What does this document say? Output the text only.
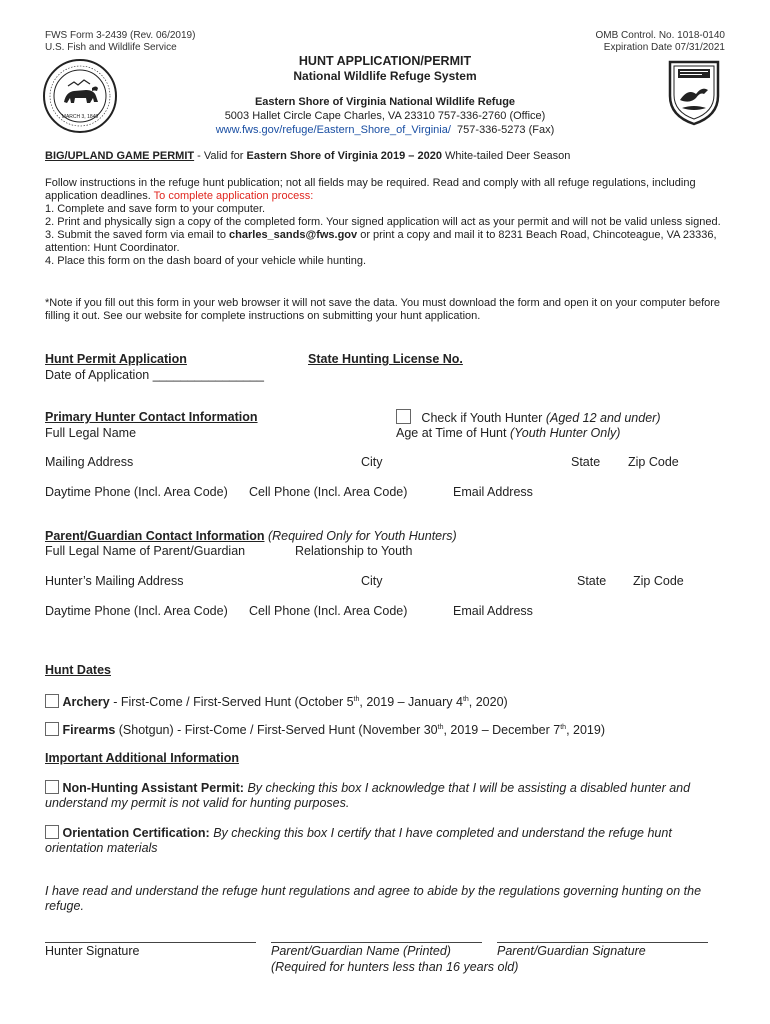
FWS Form 3-2439 (Rev. 06/2019)
U.S. Fish and Wildlife Service
OMB Control. No. 1018-0140
Expiration Date 07/31/2021
MARCH 3, 1849
HUNT APPLICATION/PERMIT
National Wildlife Refuge System
Eastern Shore of Virginia National Wildlife Refuge
5003 Hallet Circle Cape Charles, VA 23310 757-336-2760 (Office)
www.fws.gov/refuge/Eastern_Shore_of_Virginia/ 757-336-5273 (Fax)
BIG/UPLAND GAME PERMIT - Valid for Eastern Shore of Virginia 2019 – 2020 White-tailed Deer Season
Follow instructions in the refuge hunt publication; not all fields may be required. Read and comply with all refuge regulations, including application deadlines. To complete application process:
1. Complete and save form to your computer.
2. Print and physically sign a copy of the completed form. Your signed application will act as your permit and will not be valid unless signed.
3. Submit the saved form via email to charles_sands@fws.gov or print a copy and mail it to 8231 Beach Road, Chincoteague, VA 23336, attention: Hunt Coordinator.
4. Place this form on the dash board of your vehicle while hunting.
*Note if you fill out this form in your web browser it will not save the data. You must download the form and open it on your computer before filling it out. See our website for complete instructions on submitting your hunt application.
Hunt Permit Application	State Hunting License No.
Date of Application ________________
Primary Hunter Contact Information	Check if Youth Hunter (Aged 12 and under)
Full Legal Name	Age at Time of Hunt (Youth Hunter Only)
Mailing Address	City	State Zip Code
Daytime Phone (Incl. Area Code) Cell Phone (Incl. Area Code)	Email Address
Parent/Guardian Contact Information (Required Only for Youth Hunters)
Full Legal Name of Parent/Guardian	Relationship to Youth
Hunter’s Mailing Address	City	State Zip Code
Daytime Phone (Incl. Area Code) Cell Phone (Incl. Area Code)	Email Address
Hunt Dates
Archery - First-Come / First-Served Hunt (October 5th, 2019 – January 4th, 2020)
Firearms (Shotgun) - First-Come / First-Served Hunt (November 30th, 2019 – December 7th, 2019)
Important Additional Information
Non-Hunting Assistant Permit: By checking this box I acknowledge that I will be assisting a disabled hunter and understand my permit is not valid for hunting purposes.
Orientation Certification: By checking this box I certify that I have completed and understand the refuge hunt orientation materials
I have read and understand the refuge hunt regulations and agree to abide by the regulations governing hunting on the refuge.
Hunter Signature	Parent/Guardian Name (Printed)	Parent/Guardian Signature
(Required for hunters less than 16 years old)
